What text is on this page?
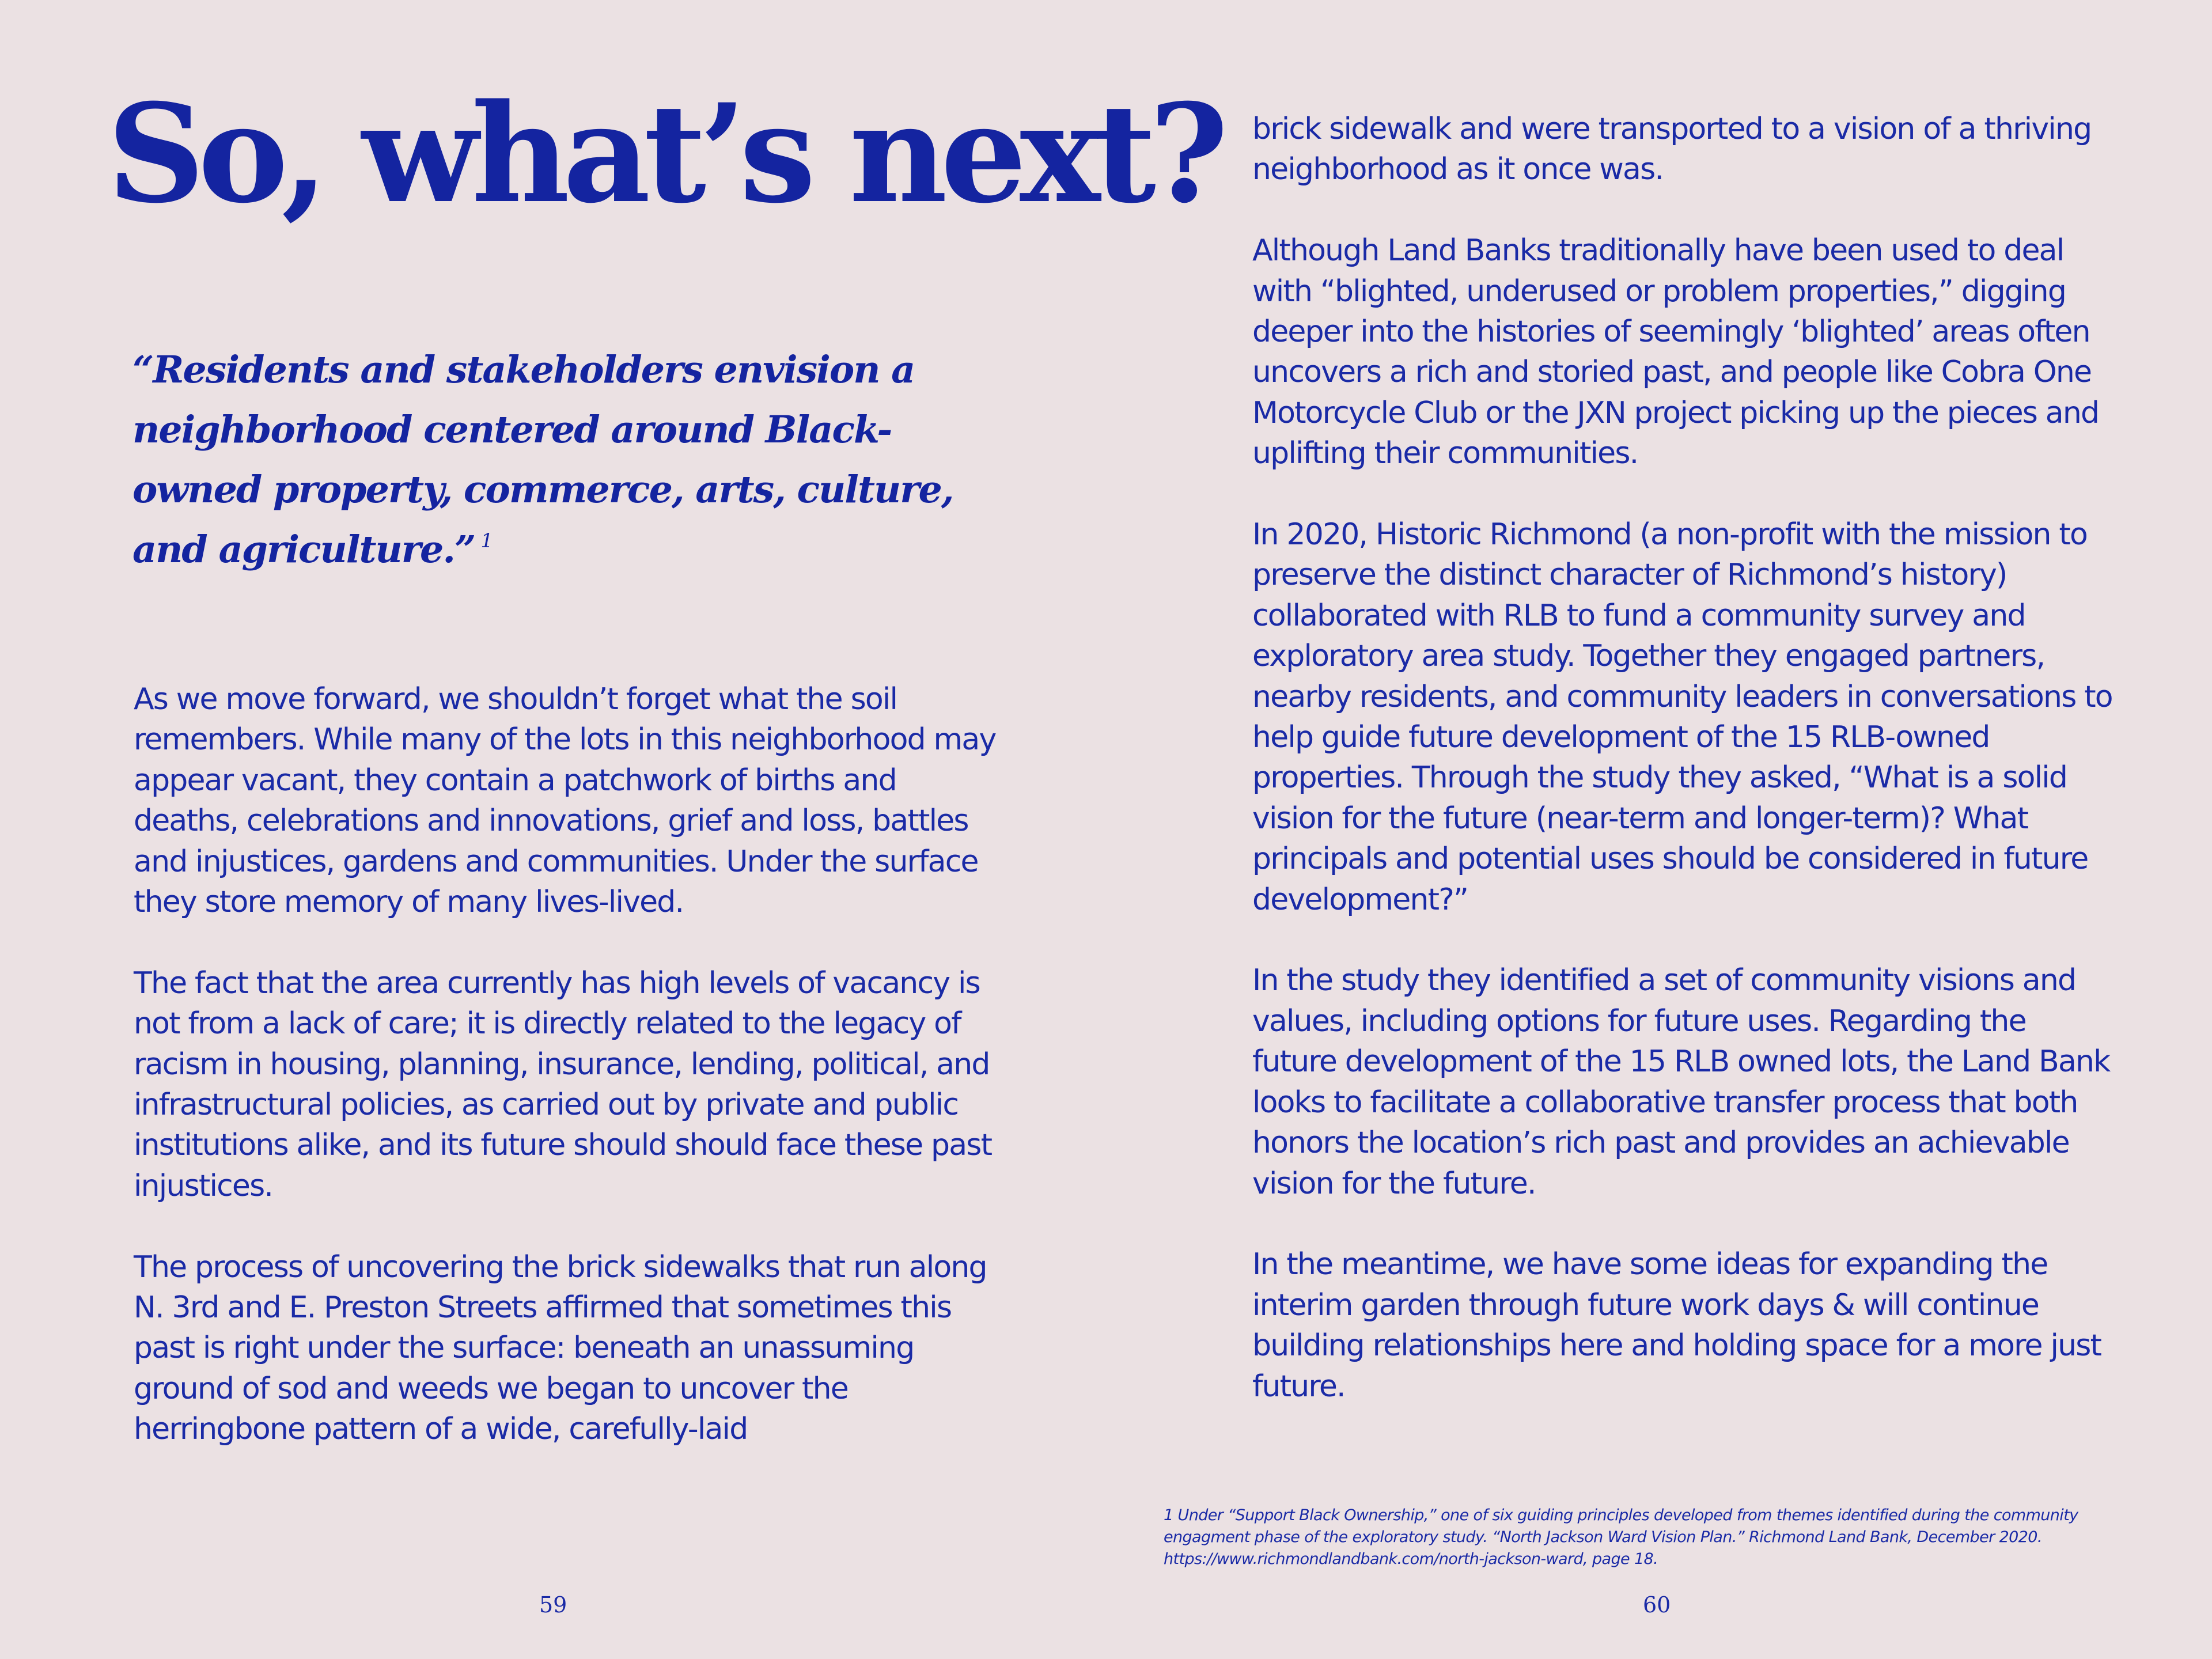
So, what’s next?

“Residents and stakeholders envision a neighborhood centered around Black-owned property, commerce, arts, culture, and agriculture.” $^1$

As we move forward, we shouldn’t forget what the soil remembers. While many of the lots in this neighborhood may appear vacant, they contain a patchwork of births and deaths, celebrations and innovations, grief and loss, battles and injustices, gardens and communities. Under the surface they store memory of many lives-lived.

The fact that the area currently has high levels of vacancy is not from a lack of care; it is directly related to the legacy of racism in housing, planning, insurance, lending, political, and infrastructural policies, as carried out by private and public institutions alike, and its future should should face these past injustices.

The process of uncovering the brick sidewalks that run along N. 3rd and E. Preston Streets affirmed that sometimes this past is right under the surface: beneath an unassuming ground of sod and weeds we began to uncover the herringbone pattern of a wide, carefully-laid

brick sidewalk and were transported to a vision of a thriving neighborhood as it once was.

Although Land Banks traditionally have been used to deal with “blighted, underused or problem properties,” digging deeper into the histories of seemingly ‘blighted’ areas often uncovers a rich and storied past, and people like Cobra One Motorcycle Club or the JXN project picking up the pieces and uplifting their communities.

In 2020, Historic Richmond (a non-profit with the mission to preserve the distinct character of Richmond’s history) collaborated with RLB to fund a community survey and exploratory area study. Together they engaged partners, nearby residents, and community leaders in conversations to help guide future development of the 15 RLB-owned properties. Through the study they asked, “What is a solid vision for the future (near-term and longer-term)? What principals and potential uses should be considered in future development?”

In the study they identified a set of community visions and values, including options for future uses. Regarding the future development of the 15 RLB owned lots, the Land Bank looks to facilitate a collaborative transfer process that both honors the location’s rich past and provides an achievable vision for the future.

In the meantime, we have some ideas for expanding the interim garden through future work days & will continue building relationships here and holding space for a more just future.

1 Under “Support Black Ownership,” one of six guiding principles developed from themes identified during the community engagment phase of the exploratory study. “North Jackson Ward Vision Plan.” Richmond Land Bank, December 2020. https://www.richmondlandbank.com/north-jackson-ward, page 18.

59	60
